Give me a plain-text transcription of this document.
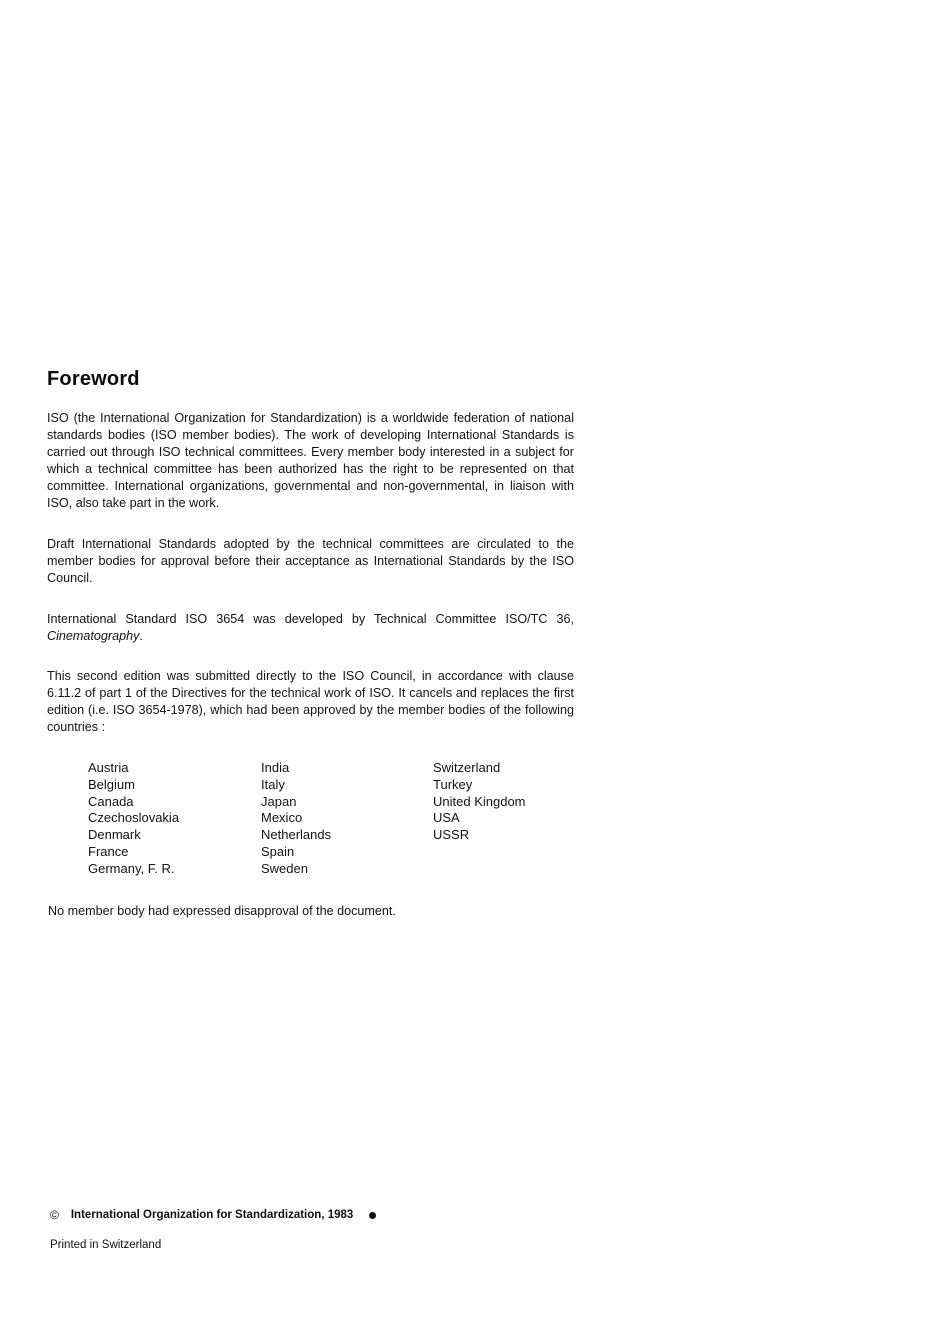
Foreword

ISO (the International Organization for Standardization) is a worldwide federation of national standards bodies (ISO member bodies). The work of developing International Standards is carried out through ISO technical committees. Every member body interested in a subject for which a technical committee has been authorized has the right to be represented on that committee. International organizations, governmental and non-governmental, in liaison with ISO, also take part in the work.

Draft International Standards adopted by the technical committees are circulated to the member bodies for approval before their acceptance as International Standards by the ISO Council.

International Standard ISO 3654 was developed by Technical Committee ISO/TC 36, Cinematography.

This second edition was submitted directly to the ISO Council, in accordance with clause 6.11.2 of part 1 of the Directives for the technical work of ISO. It cancels and replaces the first edition (i.e. ISO 3654-1978), which had been approved by the member bodies of the following countries :

Austria
Belgium
Canada
Czechoslovakia
Denmark
France
Germany, F. R.
India
Italy
Japan
Mexico
Netherlands
Spain
Sweden
Switzerland
Turkey
United Kingdom
USA
USSR

No member body had expressed disapproval of the document.

© International Organization for Standardization, 1983
Printed in Switzerland
